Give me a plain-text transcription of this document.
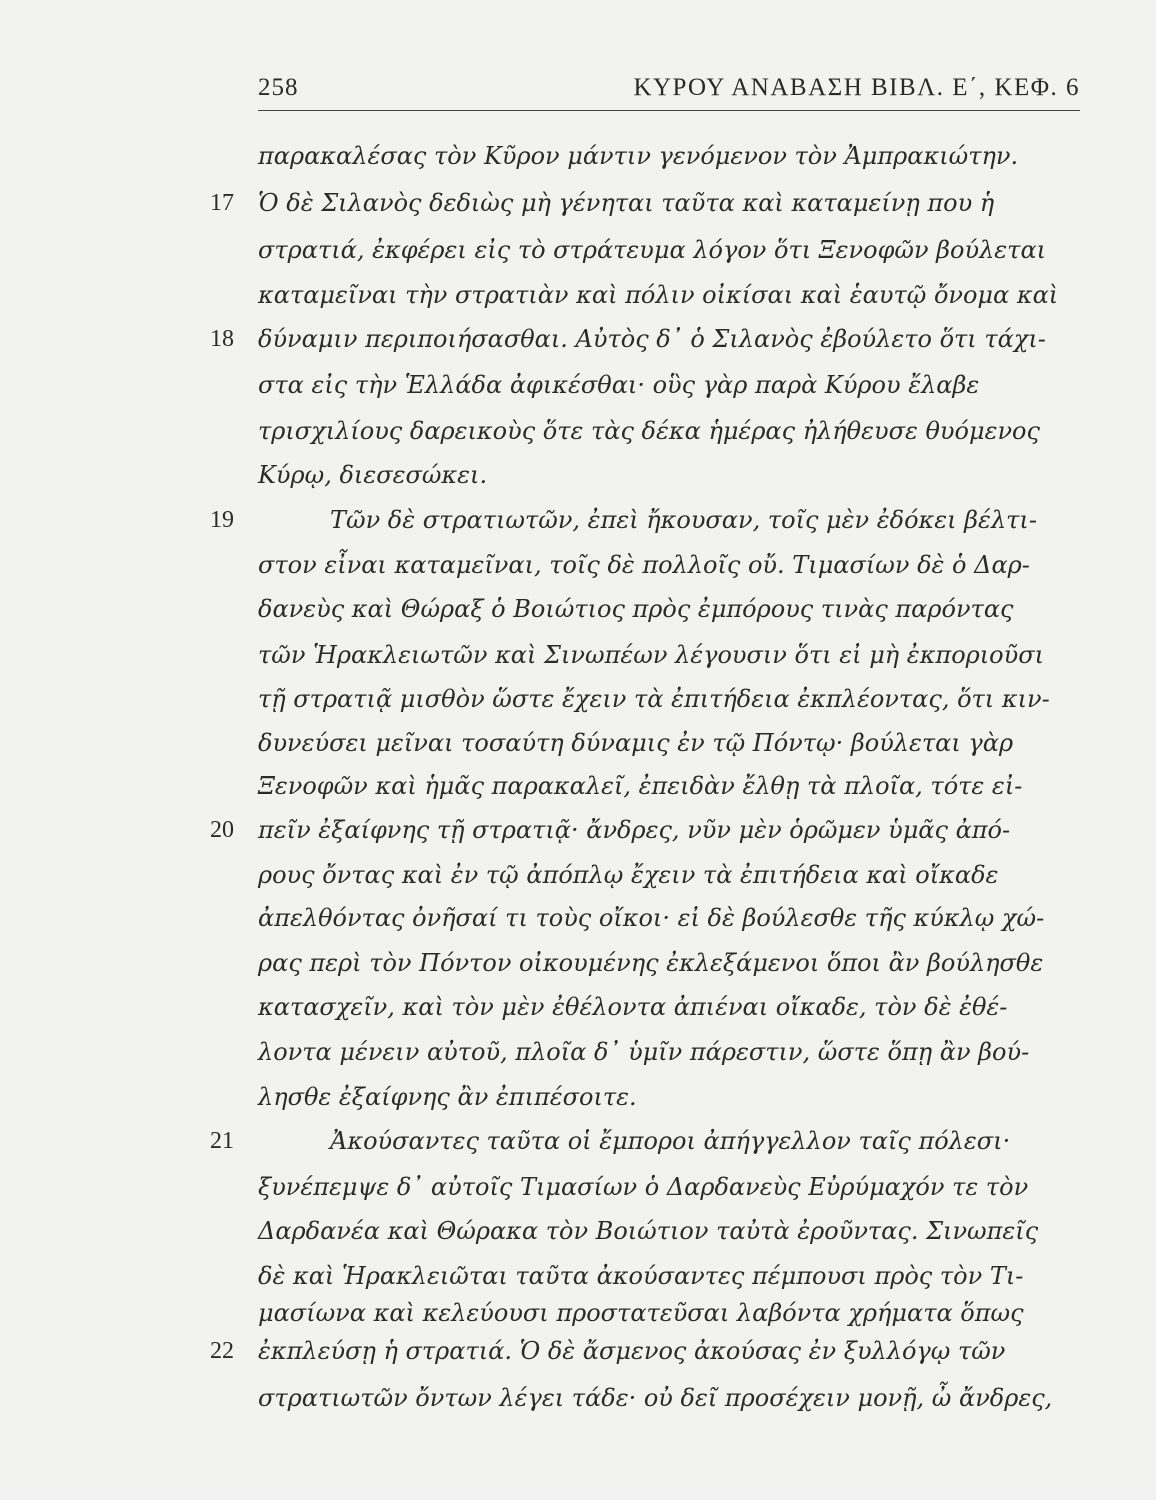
258	ΚΥΡΟΥ ΑΝΑΒΑΣΗ ΒΙΒΛ. Ε΄, ΚΕΦ. 6
17
18
19
20
21
22
παρακαλέσας τὸν Κῦρον μάντιν γενόμενον τὸν Ἀμπρακιώτην.
Ὁ δὲ Σιλανὸς δεδιὼς μὴ γένηται ταῦτα καὶ καταμείνῃ που ἡ
στρατιά, ἐκφέρει εἰς τὸ στράτευμα λόγον ὅτι Ξενοφῶν βούλεται
καταμεῖναι τὴν στρατιὰν καὶ πόλιν οἰκίσαι καὶ ἑαυτῷ ὄνομα καὶ
δύναμιν περιποιήσασθαι. Αὐτὸς δ᾽ ὁ Σιλανὸς ἐβούλετο ὅτι τάχι-
στα εἰς τὴν Ἑλλάδα ἀφικέσθαι· οὓς γὰρ παρὰ Κύρου ἔλαβε
τρισχιλίους δαρεικοὺς ὅτε τὰς δέκα ἡμέρας ἠλήθευσε θυόμενος
Κύρῳ, διεσεσώκει.
Τῶν δὲ στρατιωτῶν, ἐπεὶ ἤκουσαν, τοῖς μὲν ἐδόκει βέλτι-
στον εἶναι καταμεῖναι, τοῖς δὲ πολλοῖς οὔ. Τιμασίων δὲ ὁ Δαρ-
δανεὺς καὶ Θώραξ ὁ Βοιώτιος πρὸς ἐμπόρους τινὰς παρόντας
τῶν Ἡρακλειωτῶν καὶ Σινωπέων λέγουσιν ὅτι εἰ μὴ ἐκποριοῦσι
τῇ στρατιᾷ μισθὸν ὥστε ἔχειν τὰ ἐπιτήδεια ἐκπλέοντας, ὅτι κιν-
δυνεύσει μεῖναι τοσαύτη δύναμις ἐν τῷ Πόντῳ· βούλεται γὰρ
Ξενοφῶν καὶ ἡμᾶς παρακαλεῖ, ἐπειδὰν ἔλθῃ τὰ πλοῖα, τότε εἰ-
πεῖν ἐξαίφνης τῇ στρατιᾷ· ἄνδρες, νῦν μὲν ὁρῶμεν ὑμᾶς ἀπό-
ρους ὄντας καὶ ἐν τῷ ἀπόπλῳ ἔχειν τὰ ἐπιτήδεια καὶ οἴκαδε
ἀπελθόντας ὀνῆσαί τι τοὺς οἴκοι· εἰ δὲ βούλεσθε τῆς κύκλῳ χώ-
ρας περὶ τὸν Πόντον οἰκουμένης ἐκλεξάμενοι ὅποι ἂν βούλησθε
κατασχεῖν, καὶ τὸν μὲν ἐθέλοντα ἀπιέναι οἴκαδε, τὸν δὲ ἐθέ-
λοντα μένειν αὐτοῦ, πλοῖα δ᾽ ὑμῖν πάρεστιν, ὥστε ὅπῃ ἂν βού-
λησθε ἐξαίφνης ἂν ἐπιπέσοιτε.
Ἀκούσαντες ταῦτα οἱ ἔμποροι ἀπήγγελλον ταῖς πόλεσι·
ξυνέπεμψε δ᾽ αὐτοῖς Τιμασίων ὁ Δαρδανεὺς Εὐρύμαχόν τε τὸν
Δαρδανέα καὶ Θώρακα τὸν Βοιώτιον ταὐτὰ ἐροῦντας. Σινωπεῖς
δὲ καὶ Ἡρακλειῶται ταῦτα ἀκούσαντες πέμπουσι πρὸς τὸν Τι-
μασίωνα καὶ κελεύουσι προστατεῦσαι λαβόντα χρήματα ὅπως
ἐκπλεύσῃ ἡ στρατιά. Ὁ δὲ ἄσμενος ἀκούσας ἐν ξυλλόγῳ τῶν
στρατιωτῶν ὄντων λέγει τάδε· οὐ δεῖ προσέχειν μονῇ, ὦ ἄνδρες,
